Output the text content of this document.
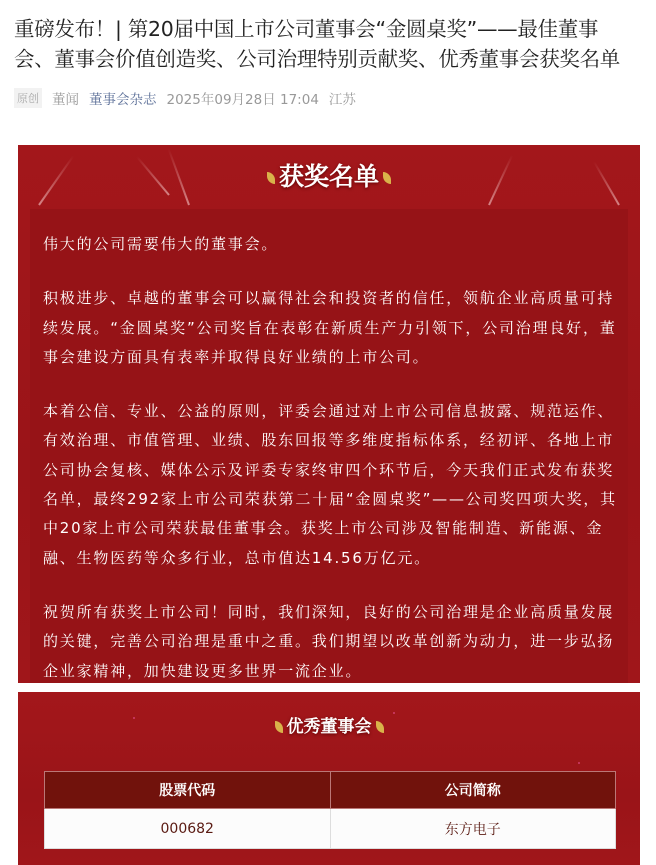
重磅发布！| 第20届中国上市公司董事会“金圆桌奖”——最佳董事
会、董事会价值创造奖、公司治理特别贡献奖、优秀董事会获奖名单
原创 董闻 董事会杂志 2025年09月28日 17:04 江苏
获奖名单
伟大的公司需要伟大的董事会。
积极进步、卓越的董事会可以赢得社会和投资者的信任，领航企业高质量可持
续发展。“金圆桌奖”公司奖旨在表彰在新质生产力引领下，公司治理良好，董
事会建设方面具有表率并取得良好业绩的上市公司。
本着公信、专业、公益的原则，评委会通过对上市公司信息披露、规范运作、
有效治理、市值管理、业绩、股东回报等多维度指标体系，经初评、各地上市
公司协会复核、媒体公示及评委专家终审四个环节后，今天我们正式发布获奖
名单，最终292家上市公司荣获第二十届“金圆桌奖”——公司奖四项大奖，其
中20家上市公司荣获最佳董事会。获奖上市公司涉及智能制造、新能源、金
融、生物医药等众多行业，总市值达14.56万亿元。
祝贺所有获奖上市公司！同时，我们深知，良好的公司治理是企业高质量发展
的关键，完善公司治理是重中之重。我们期望以改革创新为动力，进一步弘扬
企业家精神，加快建设更多世界一流企业。
优秀董事会
股票代码	公司简称
000682	东方电子
